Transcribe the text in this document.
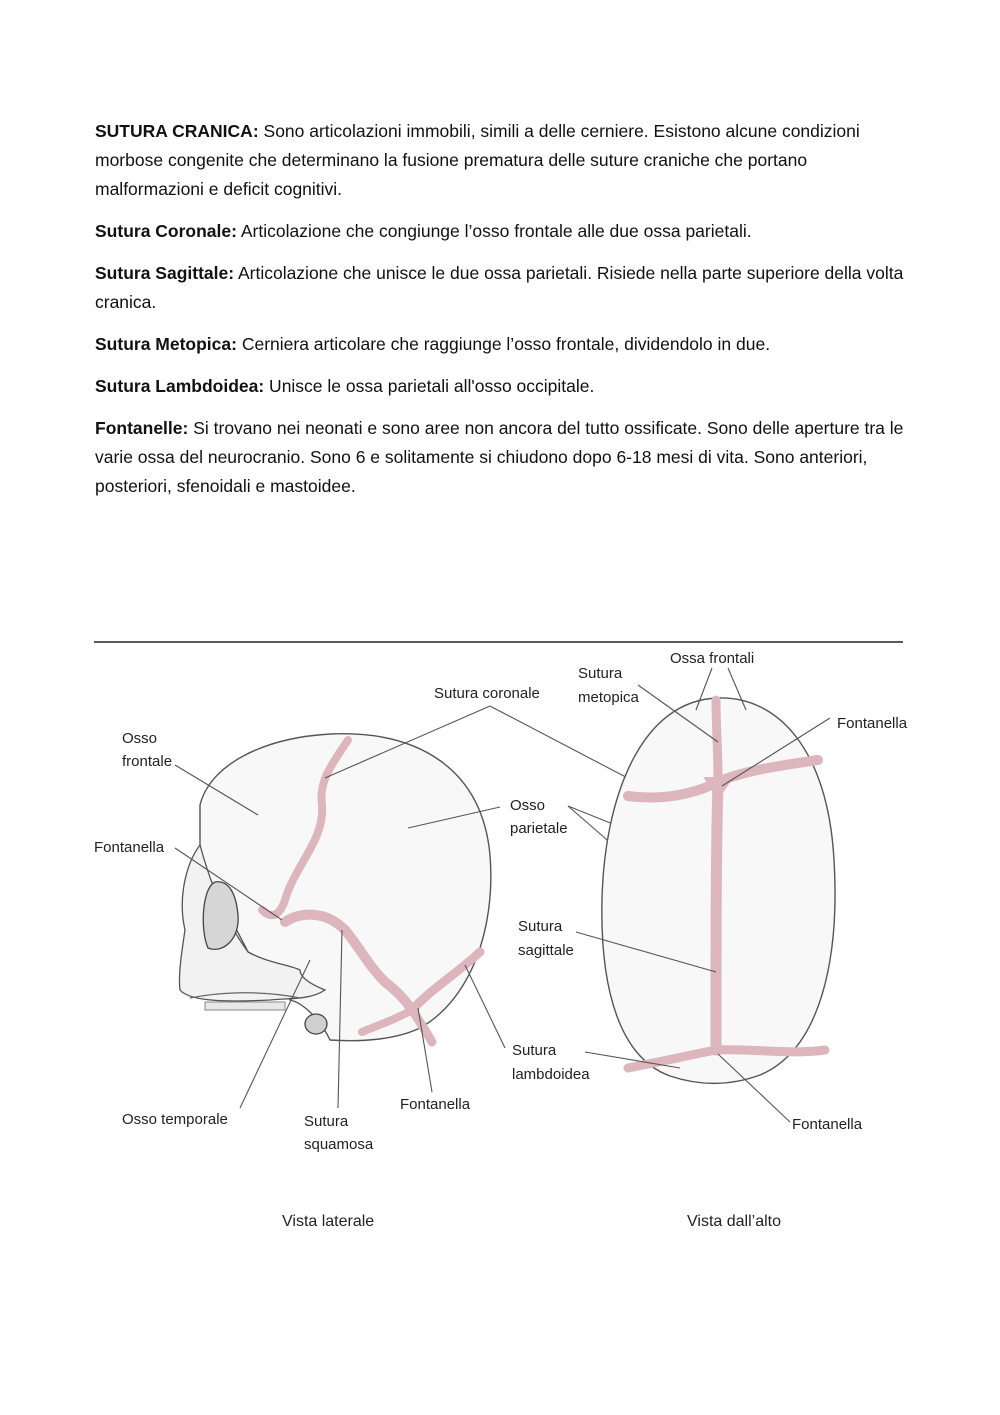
SUTURA CRANICA: Sono articolazioni immobili, simili a delle cerniere. Esistono alcune condizioni morbose congenite che determinano la fusione prematura delle suture craniche che portano malformazioni e deficit cognitivi.

Sutura Coronale: Articolazione che congiunge l’osso frontale alle due ossa parietali.

Sutura Sagittale: Articolazione che unisce le due ossa parietali. Risiede nella parte superiore della volta cranica.

Sutura Metopica: Cerniera articolare che raggiunge l’osso frontale, dividendolo in due.

Sutura Lambdoidea: Unisce le ossa parietali all'osso occipitale.

Fontanelle: Si trovano nei neonati e sono aree non ancora del tutto ossificate. Sono delle aperture tra le varie ossa del neurocranio. Sono 6 e solitamente si chiudono dopo 6-18 mesi di vita. Sono anteriori, posteriori, sfenoidali e mastoidee.

Sutura coronale
Osso
frontale
Fontanella
Osso
parietale
Osso temporale	Sutura
squamosa
Fontanella
Sutura
lambdoidea
Vista laterale
Sutura
metopica
Ossa frontali
Fontanella
Sutura
sagittale
Fontanella
Vista dall’alto
